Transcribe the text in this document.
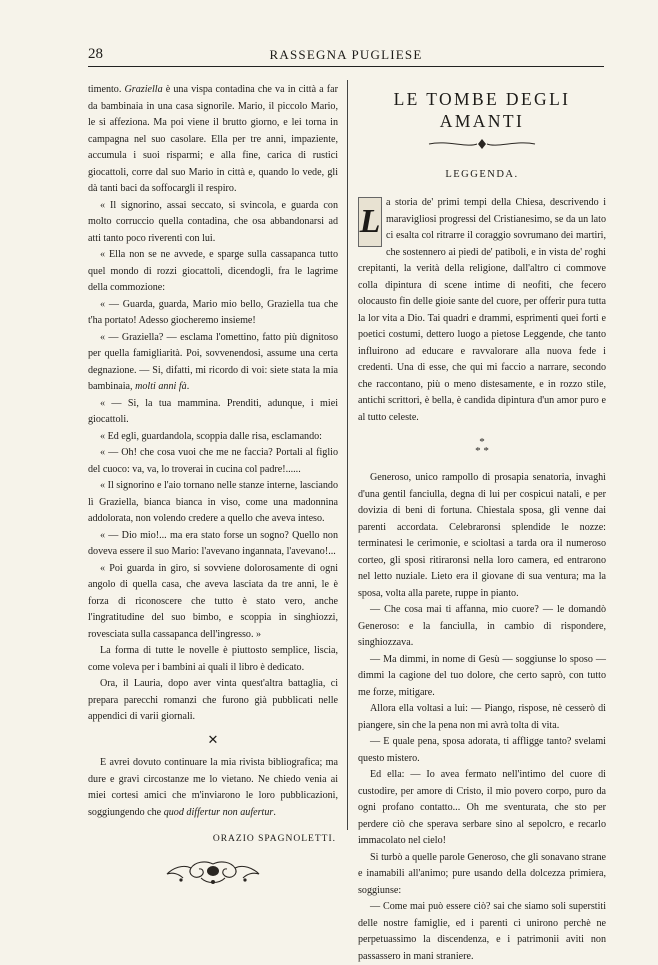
28	RASSEGNA PUGLIESE

timento. Graziella è una vispa contadina che va in città a far da bambinaia in una casa signorile. Mario, il piccolo Mario, le si affeziona. Ma poi viene il brutto giorno, e lei torna in campagna nel suo casolare. Ella per tre anni, impaziente, accumula i suoi risparmi; e alla fine, carica di rustici giocattoli, corre dal suo Mario in città e, quando lo vede, gli dà tanti baci da soffocargli il respiro.

« Il signorino, assai seccato, si svincola, e guarda con molto corruccio quella contadina, che osa abbandonarsi ad atti tanto poco riverenti con lui.

« Ella non se ne avvede, e sparge sulla cassapanca tutto quel mondo di rozzi giocattoli, dicendogli, fra le lagrime della commozione:

« — Guarda, guarda, Mario mio bello, Graziella tua che t'ha portato! Adesso giocheremo insieme!

« — Graziella? — esclama l'omettino, fatto più dignitoso per quella famigliarità. Poi, sovvenendosi, assume una certa degnazione. — Si, difatti, mi ricordo di voi: siete stata la mia bambinaia, molti anni fà.

« — Si, la tua mammina. Prenditi, adunque, i miei giocattoli.

« Ed egli, guardandola, scoppia dalle risa, esclamando:

« — Oh! che cosa vuoi che me ne faccia? Portali al figlio del cuoco: va, va, lo troverai in cucina col padre!......

« Il signorino e l'aio tornano nelle stanze interne, lasciando lì Graziella, bianca bianca in viso, come una madonnina addolorata, non volendo credere a quello che aveva inteso.

« — Dio mio!... ma era stato forse un sogno? Quello non doveva essere il suo Mario: l'avevano ingannata, l'avevano!...

« Poi guarda in giro, si sovviene dolorosamente di ogni angolo di quella casa, che aveva lasciata da tre anni, le è forza di riconoscere che tutto è stato vero, anche l'ingratitudine del suo bimbo, e scoppia in singhiozzi, rovesciata sulla cassapanca dell'ingresso. »

La forma di tutte le novelle è piuttosto semplice, liscia, come voleva per i bambini ai quali il libro è dedicato.

Ora, il Lauria, dopo aver vinta quest'altra battaglia, ci prepara parecchi romanzi che furono già pubblicati nelle appendici di varii giornali.

✕

E avrei dovuto continuare la mia rivista bibliografica; ma dure e gravi circostanze me lo vietano. Ne chiedo venia ai miei cortesi amici che m'inviarono le loro pubblicazioni, soggiungendo che quod differtur non aufertur.

ORAZIO SPAGNOLETTI.
LE TOMBE DEGLI AMANTI
LEGGENDA.

L
a storia de' primi tempi della Chiesa, descrivendo i maravigliosi progressi del Cristianesimo, se da un lato ci esalta col ritrarre il coraggio sovrumano dei martiri, che sostennero ai piedi de' patiboli, e in vista de' roghi crepitanti, la verità della religione, dall'altro ci commove colla dipintura di scene intime di neofiti, che fecero olocausto fin delle gioie sante del cuore, per offerir pura tutta la lor vita a Dio. Tai quadri e drammi, esprimenti quei forti e poetici costumi, dettero luogo a pietose Leggende, che tanto influirono ad educare e ravvalorare alla nuova fede i credenti. Una di esse, che qui mi faccio a narrare, secondo che raccontano, più o meno distesamente, e in rozzo stile, antichi scrittori, è bella, è candida dipintura d'un amor puro e al tutto celeste.

*
* *

Generoso, unico rampollo di prosapia senatoria, invaghì d'una gentil fanciulla, degna di lui per cospicui natali, e per dovizia di beni di fortuna. Chiestala sposa, gli venne dai parenti accordata. Celebraronsi splendide le nozze: terminatesi le cerimonie, e scioltasi a tarda ora il numeroso corteo, gli sposi ritiraronsi nella loro camera, ed entrarono nel letto nuziale. Lieto era il giovane di sua ventura; ma la sposa, volta alla parete, ruppe in pianto.

— Che cosa mai ti affanna, mio cuore? — le domandò Generoso: e la fanciulla, in cambio di rispondere, singhiozzava.

— Ma dimmi, in nome di Gesù — soggiunse lo sposo — dimmi la cagione del tuo dolore, che certo saprò, con tutto me forze, mitigare.

Allora ella voltasi a lui: — Piango, rispose, nè cesserò di piangere, sin che la pena non mi avrà tolta di vita.

— E quale pena, sposa adorata, ti affligge tanto? svelami questo mistero.

Ed ella: — Io avea fermato nell'intimo del cuore di custodire, per amore di Cristo, il mio povero corpo, puro da ogni profano contatto... Oh me sventurata, che sto per perdere ciò che sperava serbare sino al sepolcro, e recarlo immacolato nel cielo!

Si turbò a quelle parole Generoso, che gli sonavano strane e inamabili all'animo; pure usando della dolcezza primiera, soggiunse:

— Come mai può essere ciò? sai che siamo soli superstiti delle nostre famiglie, ed i parenti ci unirono perchè ne perpetuassimo la discendenza, e i patrimonii aviti non passassero in mani straniere.
